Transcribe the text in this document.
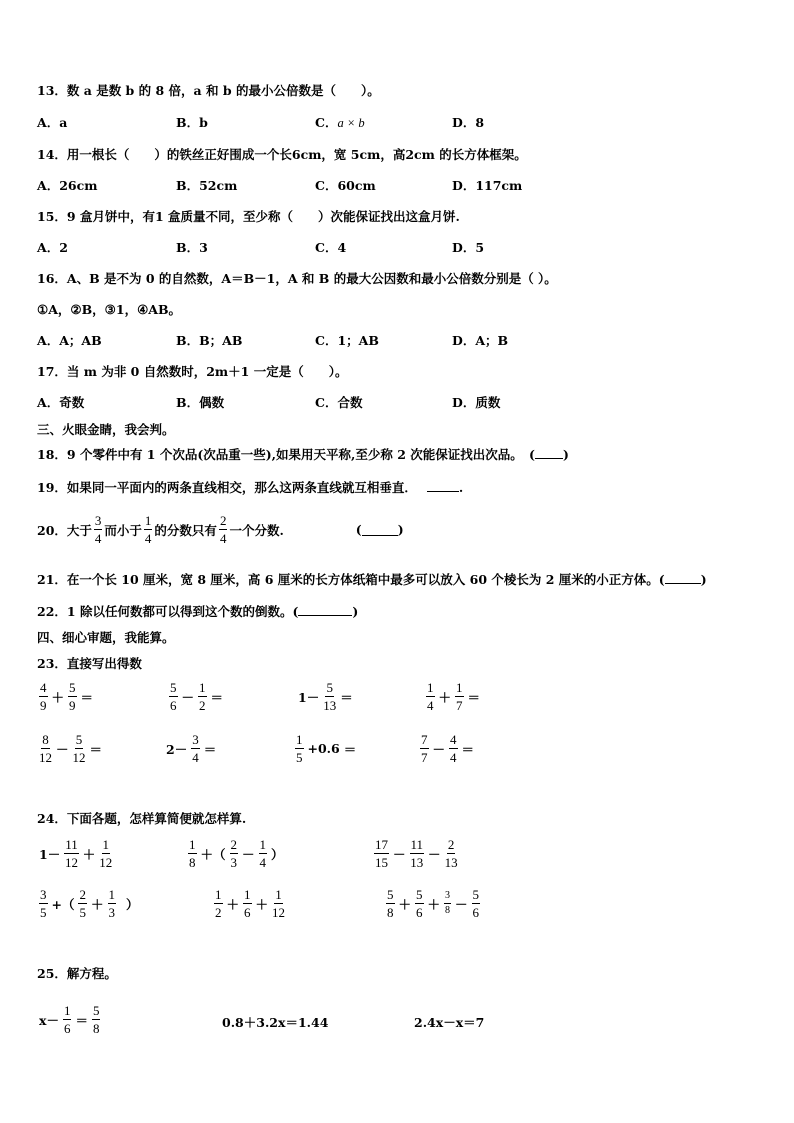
13．数 a 是数 b 的 8 倍，a 和 b 的最小公倍数是（　　）。
A．a	B．b	C．a × b	D．8
14．用一根长（　　）的铁丝正好围成一个长6cm，宽 5cm，高2cm 的长方体框架。
A．26cm	B．52cm	C．60cm	D．117cm
15．9 盒月饼中，有1 盒质量不同，至少称（　　）次能保证找出这盒月饼.
A．2	B．3	C．4	D．5
16．A、B 是不为 0 的自然数，A＝B－1，A 和 B 的最大公因数和最小公倍数分别是（ ）。
①A，②B，③1，④AB。
A．A；AB	B．B；AB	C．1；AB	D．A；B
17．当 m 为非 0 自然数时，2m＋1 一定是（　　）。
A．奇数	B．偶数	C．合数	D．质数
三、火眼金睛，我会判。
18．9 个零件中有 1 个次品(次品重一些),如果用天平称,至少称 2 次能保证找出次品。　( )
19．如果同一平面内的两条直线相交，那么这两条直线就互相垂直．	.
20．大于 $\frac{3}{4}$ 而小于 $\frac{1}{4}$ 的分数只有 $\frac{2}{4}$ 一个分数.	(	)
21．在一个长 10 厘米，宽 8 厘米，高 6 厘米的长方体纸箱中最多可以放入 60 个棱长为 2 厘米的小正方体。(	)
22．1 除以任何数都可以得到这个数的倒数。(	)
四、细心审题，我能算。
23．直接写出得数
$\frac{4}{9} + \frac{5}{9}$ ＝	$\frac{5}{6} - \frac{1}{2}$ ＝	$1- \frac{5}{13}$ ＝	$\frac{1}{4} + \frac{1}{7}$ ＝
$\frac{8}{12} - \frac{5}{12}$ ＝	$2- \frac{3}{4}$ ＝	$\frac{1}{5} +0.6$ ＝	$\frac{7}{7} - \frac{4}{4}$ ＝
24．下面各题，怎样算简便就怎样算.
$1- \frac{11}{12} + \frac{1}{12}$	$\frac{1}{8}$ ＋（ $\frac{2}{3} - \frac{1}{4}$ ）	$\frac{17}{15} - \frac{11}{13} - \frac{2}{13}$
$\frac{3}{5}$ +（ $\frac{2}{5} + \frac{1}{3}$ ）	$\frac{1}{2} + \frac{1}{6} + \frac{1}{12}$	$\frac{5}{8} + \frac{5}{6} + \frac{3}{8} - \frac{5}{6}$
25．解方程。
$x- \frac{1}{6} = \frac{5}{8}$	0.8＋3.2x＝1.44	2.4x－x＝7
